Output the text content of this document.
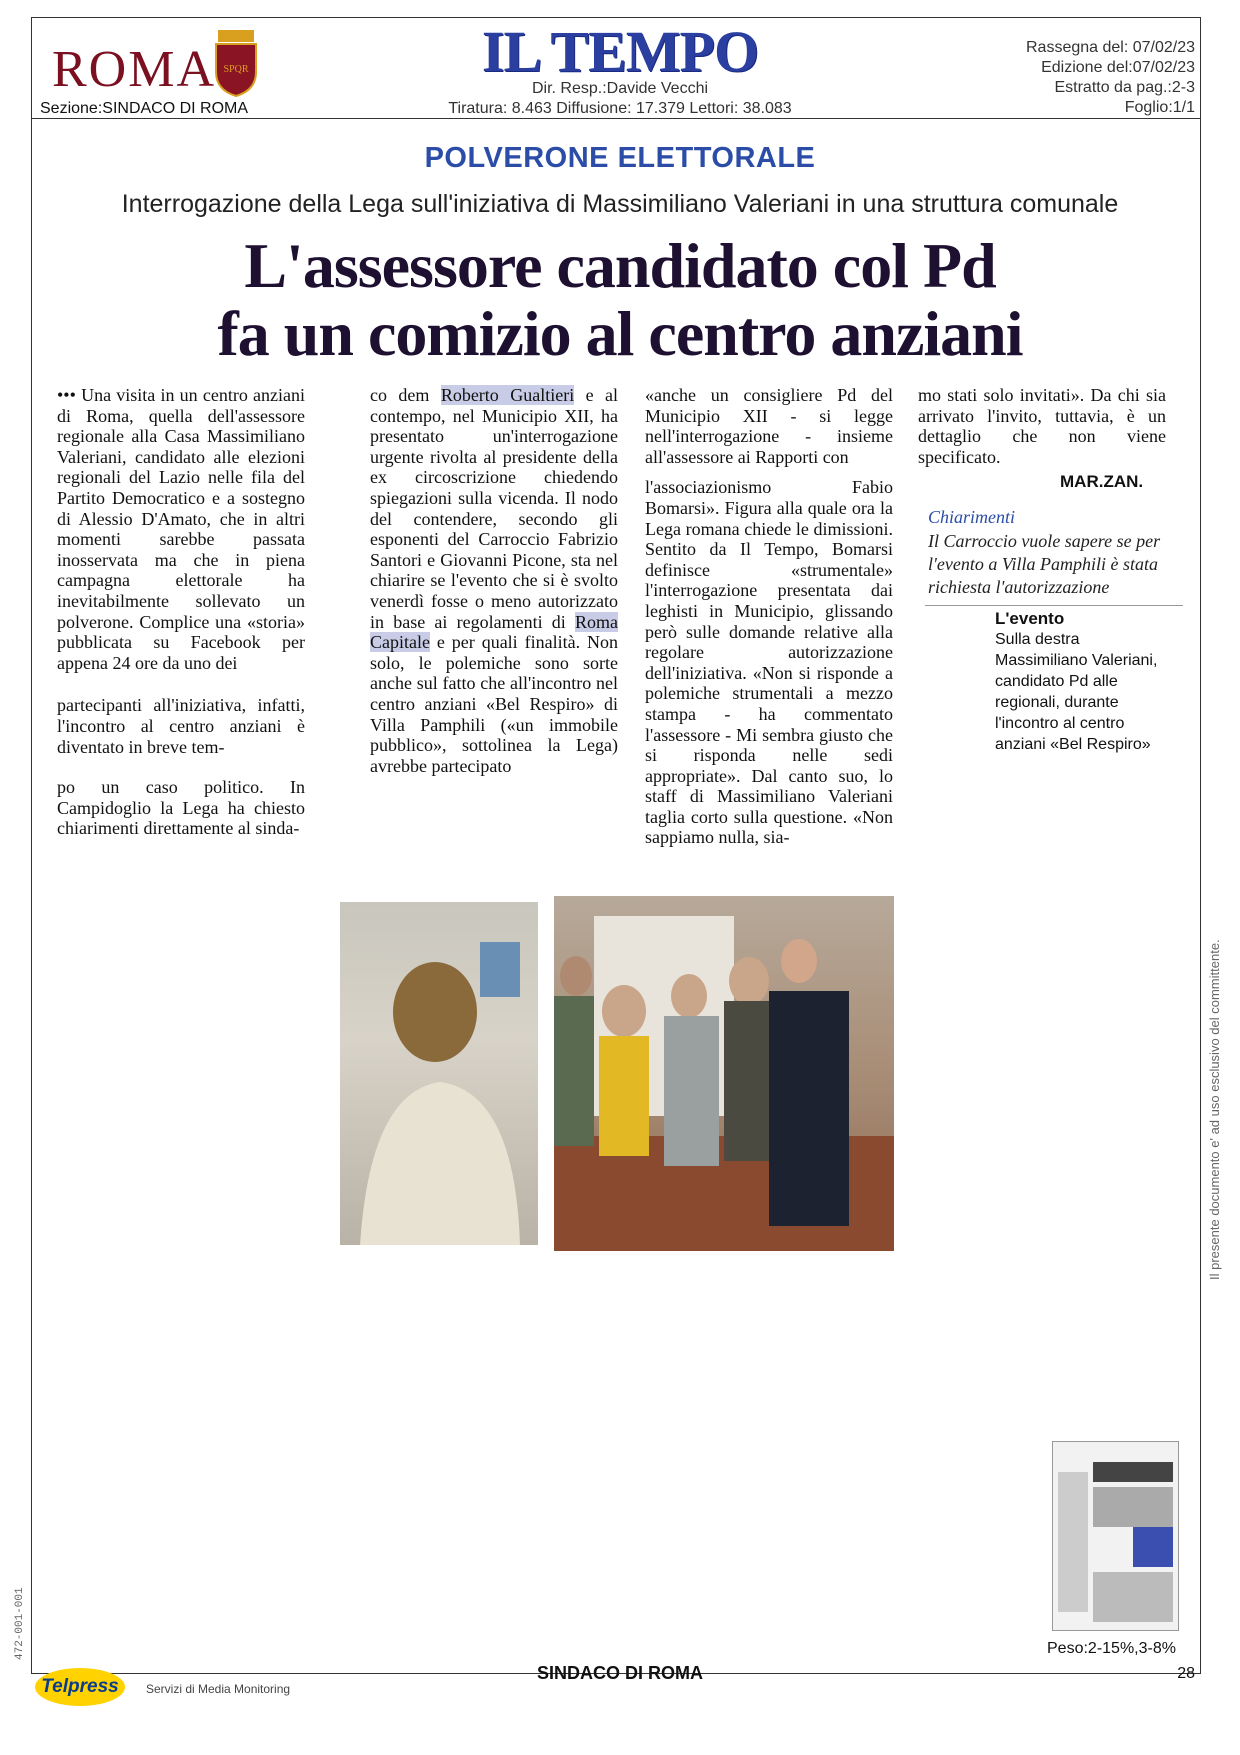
ROMA SPQR
Sezione:SINDACO DI ROMA
IL TEMPO
Dir. Resp.:Davide Vecchi
Tiratura: 8.463 Diffusione: 17.379 Lettori: 38.083
Rassegna del: 07/02/23
Edizione del:07/02/23
Estratto da pag.:2-3
Foglio:1/1
POLVERONE ELETTORALE
Interrogazione della Lega sull'iniziativa di Massimiliano Valeriani in una struttura comunale
L'assessore candidato col Pd
fa un comizio al centro anziani

••• Una visita in un centro anziani di Roma, quella dell'assessore regionale alla Casa Massimiliano Valeriani, candidato alle elezioni regionali del Lazio nelle fila del Partito Democratico e a sostegno di Alessio D'Amato, che in altri momenti sarebbe passata inosservata ma che in piena campagna elettorale ha inevitabilmente sollevato un polverone. Complice una «storia» pubblicata su Facebook per appena 24 ore da uno dei

partecipanti all'iniziativa, infatti, l'incontro al centro anziani è diventato in breve tem-

po un caso politico. In Campidoglio la Lega ha chiesto chiarimenti direttamente al sinda-

co dem Roberto Gualtieri e al contempo, nel Municipio XII, ha presentato un'interrogazione urgente rivolta al presidente della ex circoscrizione chiedendo spiegazioni sulla vicenda. Il nodo del contendere, secondo gli esponenti del Carroccio Fabrizio Santori e Giovanni Picone, sta nel chiarire se l'evento che si è svolto venerdì fosse o meno autorizzato in base ai regolamenti di Roma Capitale e per quali finalità. Non solo, le polemiche sono sorte anche sul fatto che all'incontro nel centro anziani «Bel Respiro» di Villa Pamphili («un immobile pubblico», sottolinea la Lega) avrebbe partecipato

«anche un consigliere Pd del Municipio XII - si legge nell'interrogazione - insieme all'assessore ai Rapporti con

l'associazionismo Fabio Bomarsi». Figura alla quale ora la Lega romana chiede le dimissioni. Sentito da Il Tempo, Bomarsi definisce «strumentale» l'interrogazione presentata dai leghisti in Municipio, glissando però sulle domande relative alla regolare autorizzazione dell'iniziativa. «Non si risponde a polemiche strumentali a mezzo stampa - ha commentato l'assessore - Mi sembra giusto che si risponda nelle sedi appropriate». Dal canto suo, lo staff di Massimiliano Valeriani taglia corto sulla questione. «Non sappiamo nulla, sia-

mo stati solo invitati». Da chi sia arrivato l'invito, tuttavia, è un dettaglio che non viene specificato.

MAR.ZAN.
Chiarimenti
Il Carroccio vuole sapere se per l'evento a Villa Pamphili è stata richiesta l'autorizzazione
L'evento
Sulla destra Massimiliano Valeriani, candidato Pd alle regionali, durante l'incontro al centro anziani «Bel Respiro»
Peso:2-15%,3-8%
Il presente documento e' ad uso esclusivo del committente.
472-001-001
SINDACO DI ROMA	28
Telpress	Servizi di Media Monitoring
